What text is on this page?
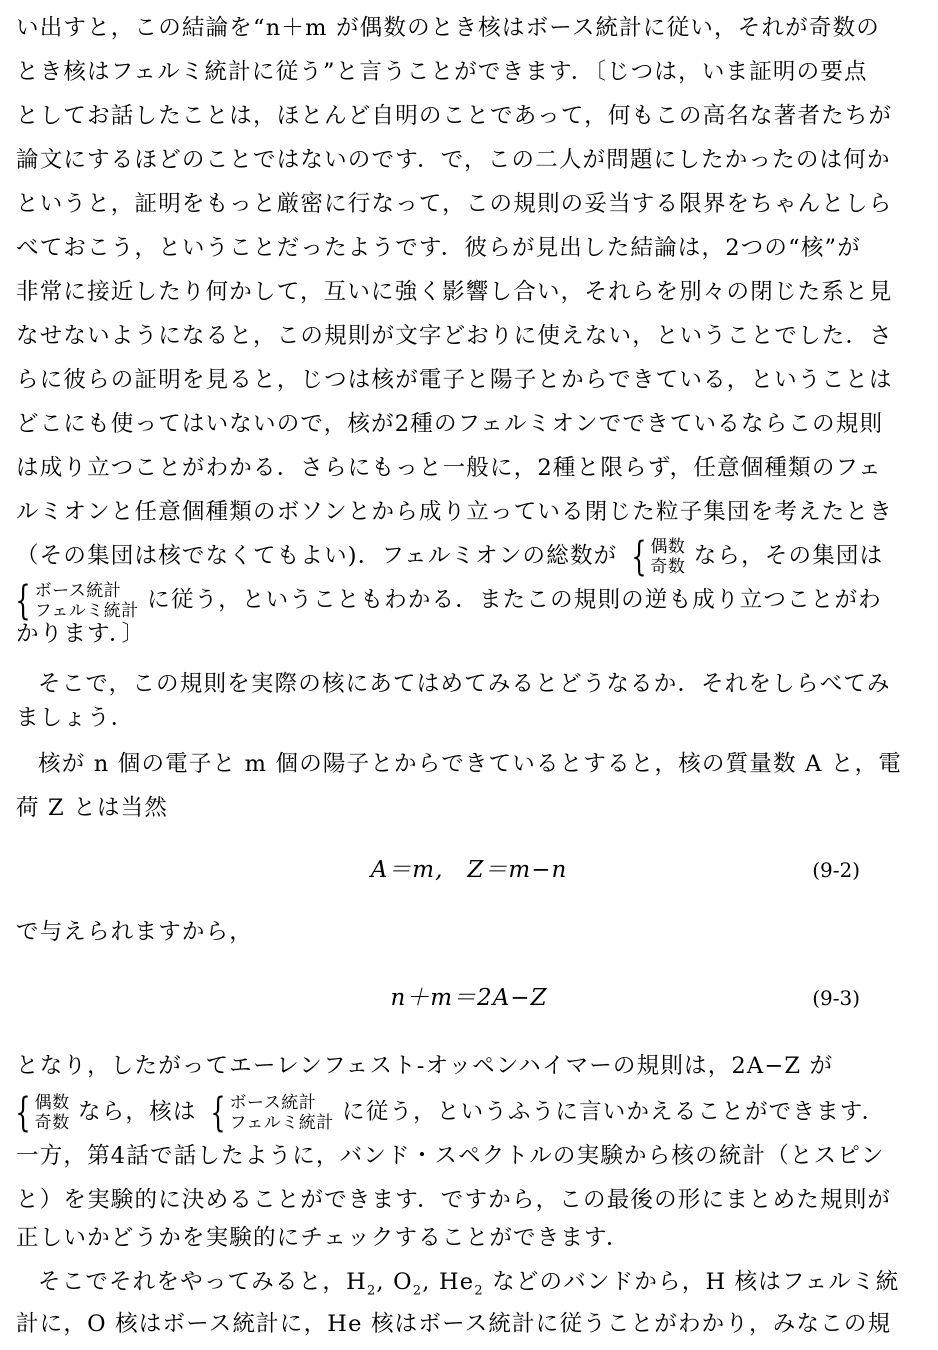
い出すと，この結論を“n＋m が偶数のとき核はボース統計に従い，それが奇数の
とき核はフェルミ統計に従う”と言うことができます．〔じつは，いま証明の要点
としてお話したことは，ほとんど自明のことであって，何もこの高名な著者たちが
論文にするほどのことではないのです．で，この二人が問題にしたかったのは何か
というと，証明をもっと厳密に行なって，この規則の妥当する限界をちゃんとしら
べておこう，ということだったようです．彼らが見出した結論は，2つの“核”が
非常に接近したり何かして，互いに強く影響し合い，それらを別々の閉じた系と見
なせないようになると，この規則が文字どおりに使えない，ということでした．さ
らに彼らの証明を見ると，じつは核が電子と陽子とからできている，ということは
どこにも使ってはいないので，核が2種のフェルミオンでできているならこの規則
は成り立つことがわかる．さらにもっと一般に，2種と限らず，任意個種類のフェ
ルミオンと任意個種類のボソンとから成り立っている閉じた粒子集団を考えたとき
（その集団は核でなくてもよい)．フェルミオンの総数が { 偶数
奇数 なら，その集団は
{ ボース統計
フェルミ統計 に従う，ということもわかる．またこの規則の逆も成り立つことがわ
かります．〕
そこで，この規則を実際の核にあてはめてみるとどうなるか．それをしらべてみ
ましょう．
核が n 個の電子と m 個の陽子とからできているとすると，核の質量数 A と，電
荷 Z とは当然
A＝m,　Z＝m−n	(9-2)
で与えられますから，
n＋m＝2A−Z	(9-3)
となり，したがってエーレンフェスト‐オッペンハイマーの規則は，2A−Z が
{ 偶数
奇数 なら，核は { ボース統計
フェルミ統計 に従う，というふうに言いかえることができます．
一方，第4話で話したように，バンド・スペクトルの実験から核の統計（とスピン
と）を実験的に決めることができます．ですから，この最後の形にまとめた規則が
正しいかどうかを実験的にチェックすることができます．
そこでそれをやってみると，$H_2$, $O_2$, $He_2$ などのバンドから，H 核はフェルミ統
計に，O 核はボース統計に，He 核はボース統計に従うことがわかり，みなこの規
